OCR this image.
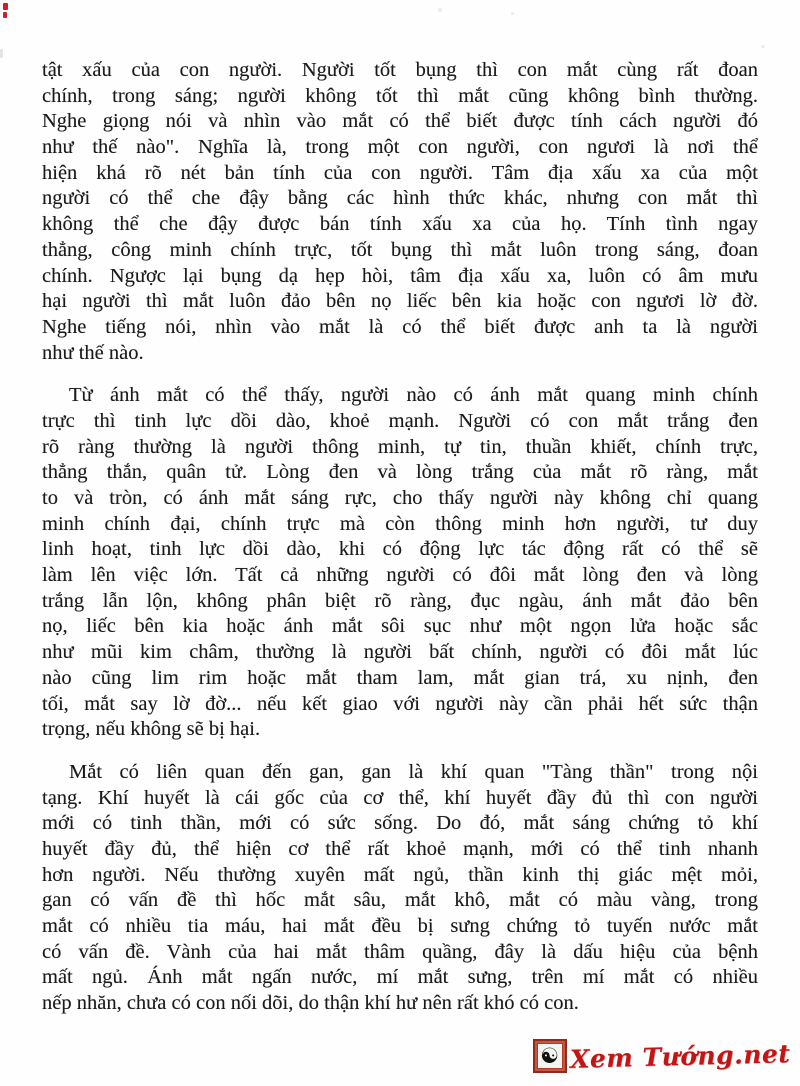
tật xấu của con người. Người tốt bụng thì con mắt cùng rất đoan
chính, trong sáng; người không tốt thì mắt cũng không bình thường.
Nghe giọng nói và nhìn vào mắt có thể biết được tính cách người đó
như thế nào". Nghĩa là, trong một con người, con ngươi là nơi thể
hiện khá rõ nét bản tính của con người. Tâm địa xấu xa của một
người có thể che đậy bằng các hình thức khác, nhưng con mắt thì
không thể che đậy được bán tính xấu xa của họ. Tính tình ngay
thẳng, công minh chính trực, tốt bụng thì mắt luôn trong sáng, đoan
chính. Ngược lại bụng dạ hẹp hòi, tâm địa xấu xa, luôn có âm mưu
hại người thì mắt luôn đảo bên nọ liếc bên kia hoặc con ngươi lờ đờ.
Nghe tiếng nói, nhìn vào mắt là có thể biết được anh ta là người
như thế nào.
Từ ánh mắt có thể thấy, người nào có ánh mắt quang minh chính
trực thì tinh lực dồi dào, khoẻ mạnh. Người có con mắt trắng đen
rõ ràng thường là người thông minh, tự tin, thuần khiết, chính trực,
thẳng thắn, quân tử. Lòng đen và lòng trắng của mắt rõ ràng, mắt
to và tròn, có ánh mắt sáng rực, cho thấy người này không chỉ quang
minh chính đại, chính trực mà còn thông minh hơn người, tư duy
linh hoạt, tinh lực dồi dào, khi có động lực tác động rất có thể sẽ
làm lên việc lớn. Tất cả những người có đôi mắt lòng đen và lòng
trắng lẫn lộn, không phân biệt rõ ràng, đục ngàu, ánh mắt đảo bên
nọ, liếc bên kia hoặc ánh mắt sôi sục như một ngọn lửa hoặc sắc
như mũi kim châm, thường là người bất chính, người có đôi mắt lúc
nào cũng lim rim hoặc mắt tham lam, mắt gian trá, xu nịnh, đen
tối, mắt say lờ đờ... nếu kết giao với người này cần phải hết sức thận
trọng, nếu không sẽ bị hại.
Mắt có liên quan đến gan, gan là khí quan "Tàng thần" trong nội
tạng. Khí huyết là cái gốc của cơ thể, khí huyết đầy đủ thì con người
mới có tinh thần, mới có sức sống. Do đó, mắt sáng chứng tỏ khí
huyết đầy đủ, thể hiện cơ thể rất khoẻ mạnh, mới có thể tinh nhanh
hơn người. Nếu thường xuyên mất ngủ, thần kinh thị giác mệt mỏi,
gan có vấn đề thì hốc mắt sâu, mắt khô, mắt có màu vàng, trong
mắt có nhiều tia máu, hai mắt đều bị sưng chứng tỏ tuyến nước mắt
có vấn đề. Vành của hai mắt thâm quầng, đây là dấu hiệu của bệnh
mất ngủ. Ánh mắt ngấn nước, mí mắt sưng, trên mí mắt có nhiều
nếp nhăn, chưa có con nối dõi, do thận khí hư nên rất khó có con.
☯ Xem Tướng.net
